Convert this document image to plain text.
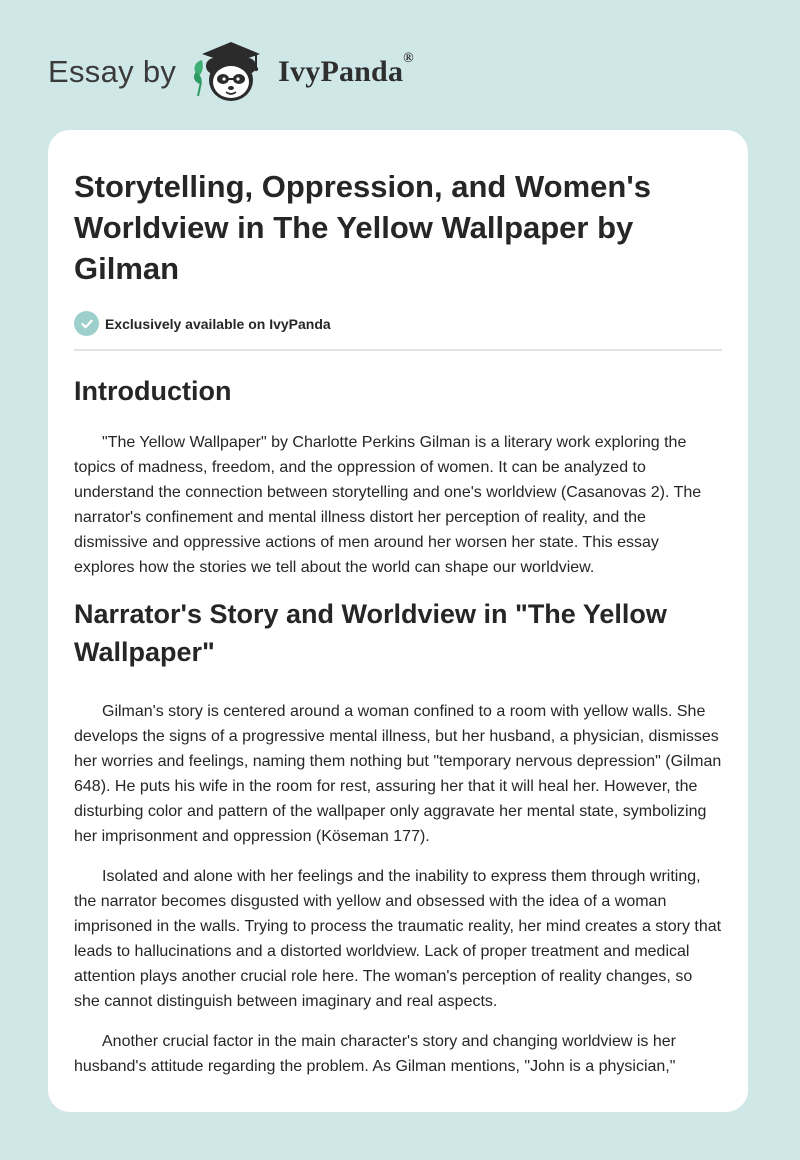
Essay by	IvyPanda®
Storytelling, Oppression, and Women's Worldview in The Yellow Wallpaper by Gilman
Exclusively available on IvyPanda
Introduction

"The Yellow Wallpaper" by Charlotte Perkins Gilman is a literary work exploring the topics of madness, freedom, and the oppression of women. It can be analyzed to understand the connection between storytelling and one's worldview (Casanovas 2). The narrator's confinement and mental illness distort her perception of reality, and the dismissive and oppressive actions of men around her worsen her state. This essay explores how the stories we tell about the world can shape our worldview.

Narrator's Story and Worldview in "The Yellow Wallpaper"

Gilman's story is centered around a woman confined to a room with yellow walls. She develops the signs of a progressive mental illness, but her husband, a physician, dismisses her worries and feelings, naming them nothing but "temporary nervous depression" (Gilman 648). He puts his wife in the room for rest, assuring her that it will heal her. However, the disturbing color and pattern of the wallpaper only aggravate her mental state, symbolizing her imprisonment and oppression (Köseman 177).

Isolated and alone with her feelings and the inability to express them through writing, the narrator becomes disgusted with yellow and obsessed with the idea of a woman imprisoned in the walls. Trying to process the traumatic reality, her mind creates a story that leads to hallucinations and a distorted worldview. Lack of proper treatment and medical attention plays another crucial role here. The woman's perception of reality changes, so she cannot distinguish between imaginary and real aspects.

Another crucial factor in the main character's story and changing worldview is her husband's attitude regarding the problem. As Gilman mentions, "John is a physician,"
